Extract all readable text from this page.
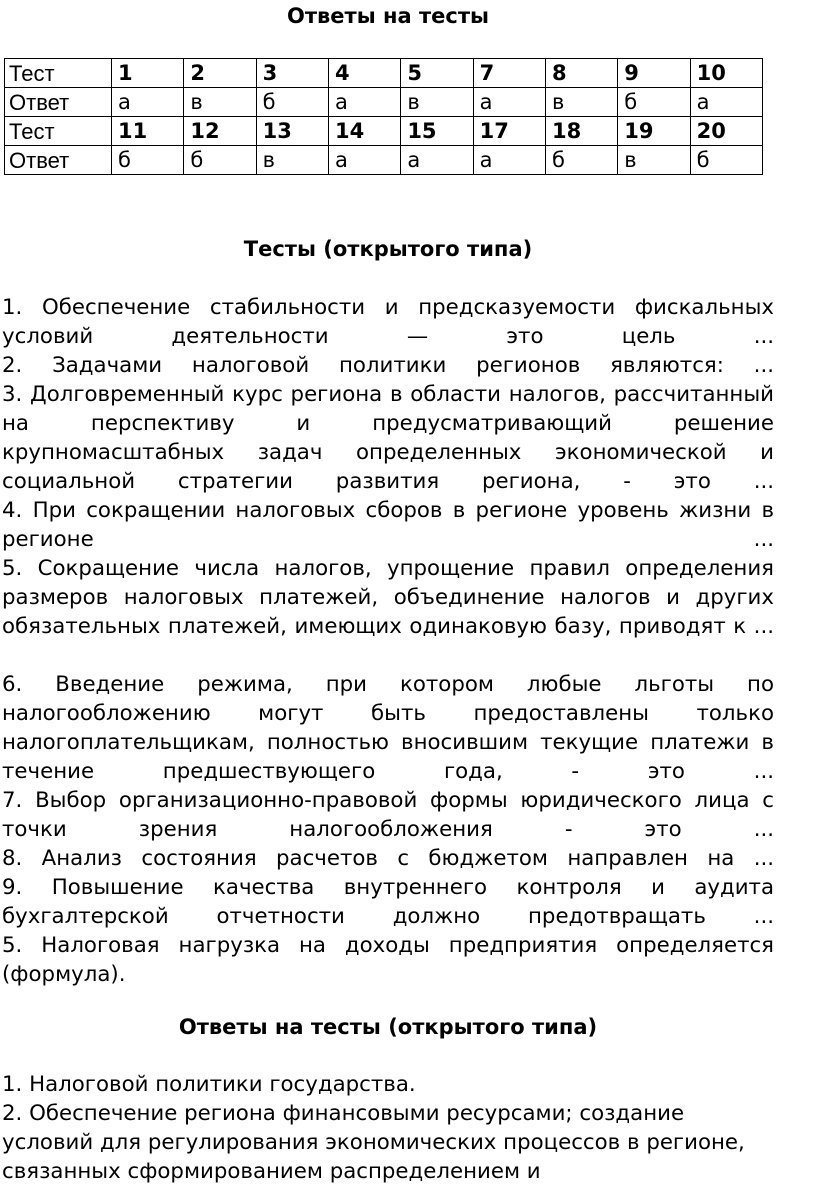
Ответы на тесты
Тест	1	2	3	4	5	7	8	9	10
Ответ	а	в	б	а	в	а	в	б	а
Тест	11	12	13	14	15	17	18	19	20
Ответ	б	б	в	а	а	а	б	в	б
Тесты (открытого типа)
1. Обеспечение стабильности и предсказуемости фискальных условий деятельности — это цель ...
2. Задачами налоговой политики регионов являются: ...
3. Долговременный курс региона в области налогов, рассчитанный на перспективу и предусматривающий решение крупномасштабных задач определенных экономической и социальной стратегии развития региона, - это ...
4. При сокращении налоговых сборов в регионе уровень жизни в регионе ...
5. Сокращение числа налогов, упрощение правил определения размеров налоговых платежей, объединение налогов и других обязательных платежей, имеющих одинаковую базу, приводят к ...
6. Введение режима, при котором любые льготы по налогообложению могут быть предоставлены только налогоплательщикам, полностью вносившим текущие платежи в течение предшествующего года, - это ...
7. Выбор организационно-правовой формы юридического лица с точки зрения налогообложения - это ...
8. Анализ состояния расчетов с бюджетом направлен на ...
9. Повышение качества внутреннего контроля и аудита бухгалтерской отчетности должно предотвращать ...
5. Налоговая нагрузка на доходы предприятия определяется (формула).
Ответы на тесты (открытого типа)
1. Налоговой политики государства.
2. Обеспечение региона финансовыми ресурсами; создание условий для регулирования экономических процессов в регионе, связанных сформированием распределением и
